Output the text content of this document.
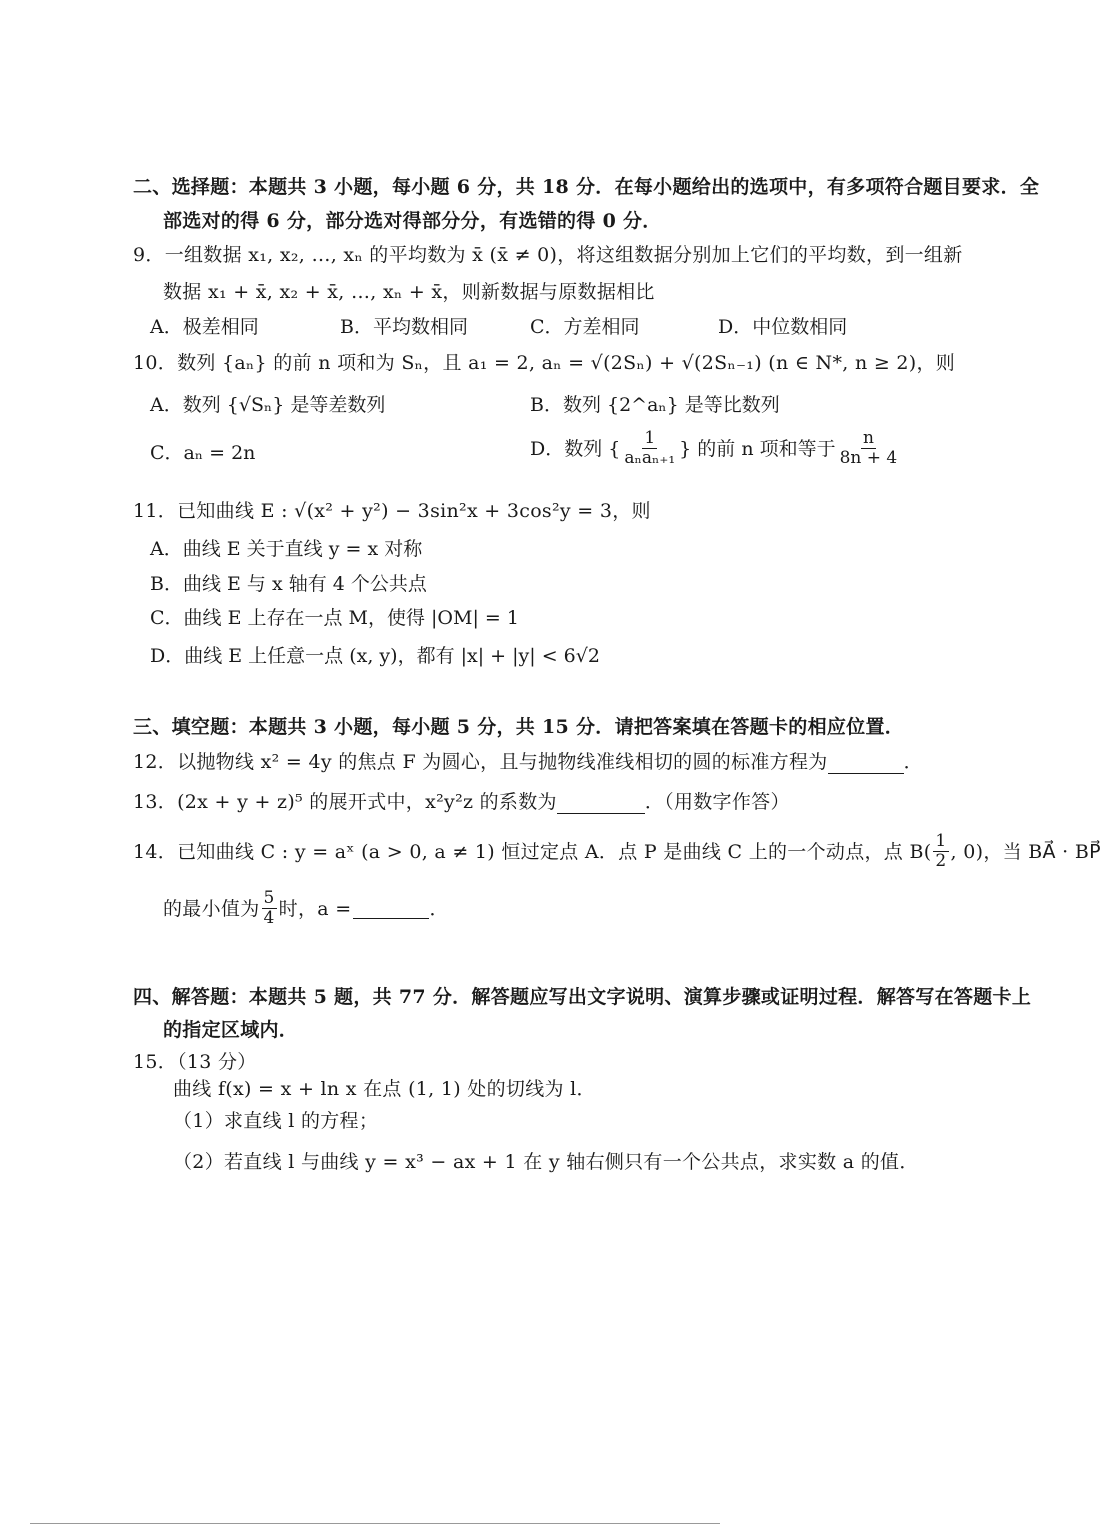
二、选择题：本题共 3 小题，每小题 6 分，共 18 分．在每小题给出的选项中，有多项符合题目要求．全
部选对的得 6 分，部分选对得部分分，有选错的得 0 分．
9．一组数据 x₁, x₂, …, xₙ 的平均数为 x̄ (x̄ ≠ 0)，将这组数据分别加上它们的平均数，到一组新
数据 x₁ + x̄, x₂ + x̄, …, xₙ + x̄，则新数据与原数据相比
A．极差相同	B．平均数相同	C．方差相同	D．中位数相同
10．数列 {aₙ} 的前 n 项和为 Sₙ，且 a₁ = 2, aₙ = √(2Sₙ) + √(2Sₙ₋₁) (n ∈ N*, n ≥ 2)，则
A．数列 {√Sₙ} 是等差数列	B．数列 {2^aₙ} 是等比数列
C．aₙ = 2n	D．数列 { $\frac{1}{\text{aₙaₙ₊₁}}$ } 的前 n 项和等于 $\frac{n}{8n + 4}$
11．已知曲线 E : √(x² + y²) − 3sin²x + 3cos²y = 3，则
A．曲线 E 关于直线 y = x 对称
B．曲线 E 与 x 轴有 4 个公共点
C．曲线 E 上存在一点 M，使得 |OM| = 1
D．曲线 E 上任意一点 (x, y)，都有 |x| + |y| < 6√2
三、填空题：本题共 3 小题，每小题 5 分，共 15 分．请把答案填在答题卡的相应位置．
12．以抛物线 x² = 4y 的焦点 F 为圆心，且与抛物线准线相切的圆的标准方程为	．
13．(2x + y + z)⁵ 的展开式中，x²y²z 的系数为	．（用数字作答）
14．已知曲线 C : y = aˣ (a > 0, a ≠ 1) 恒过定点 A．点 P 是曲线 C 上的一个动点，点 $B( \frac{1}{2}$ , 0)，当 BA⃗ · BP⃗
的最小值为 $\frac{5}{4}$ 时，a =	．
四、解答题：本题共 5 题，共 77 分．解答题应写出文字说明、演算步骤或证明过程．解答写在答题卡上
的指定区域内．
15．（13 分）
曲线 f(x) = x + ln x 在点 (1, 1) 处的切线为 l．
（1）求直线 l 的方程；
（2）若直线 l 与曲线 y = x³ − ax + 1 在 y 轴右侧只有一个公共点，求实数 a 的值．
